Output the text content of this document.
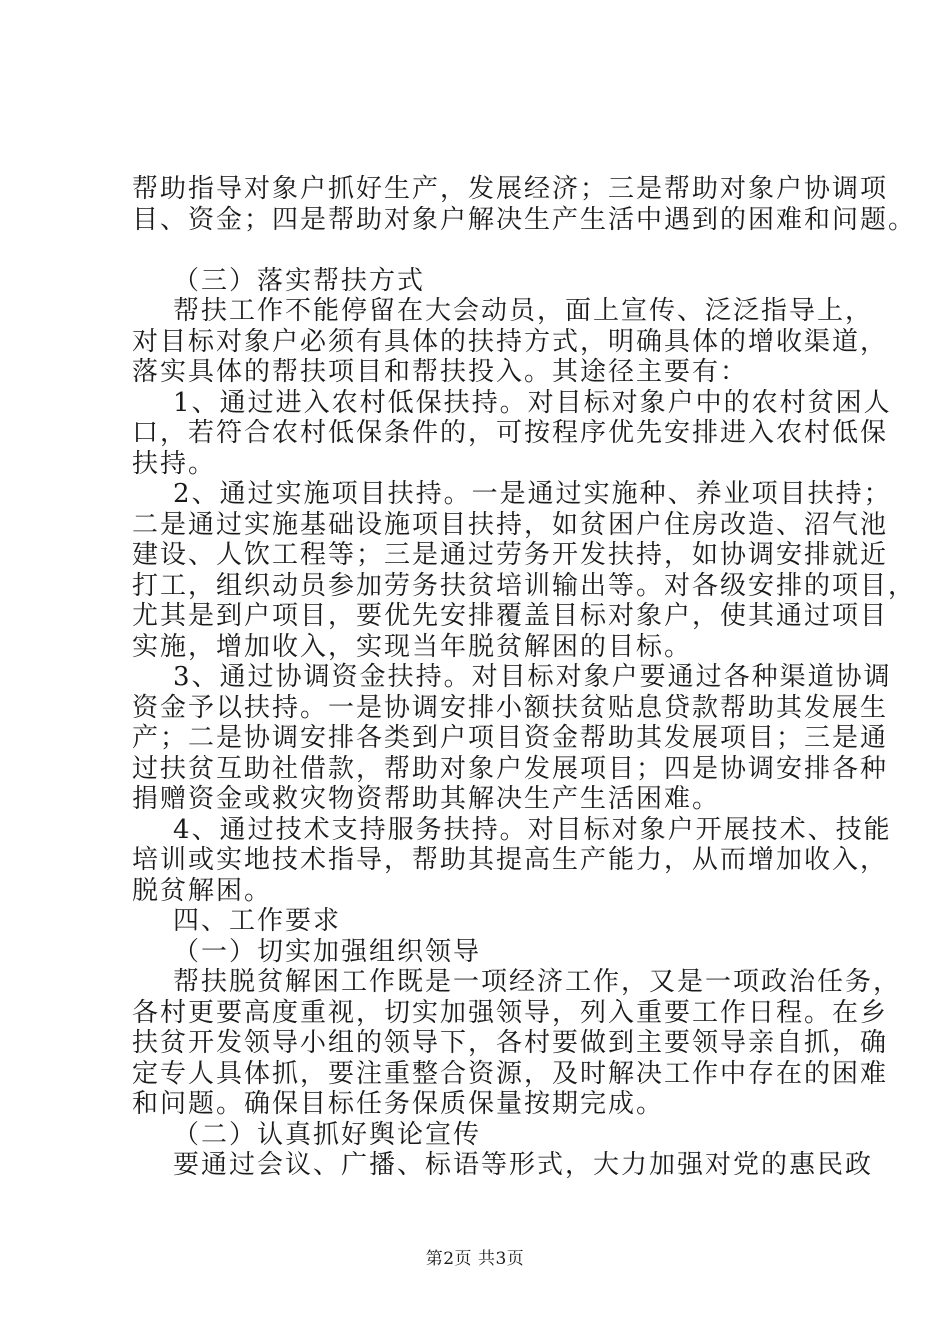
帮助指导对象户抓好生产，发展经济；三是帮助对象户协调项
目、资金；四是帮助对象户解决生产生活中遇到的困难和问题。
（三）落实帮扶方式
帮扶工作不能停留在大会动员，面上宣传、泛泛指导上，
对目标对象户必须有具体的扶持方式，明确具体的增收渠道，
落实具体的帮扶项目和帮扶投入。其途径主要有：
1、通过进入农村低保扶持。对目标对象户中的农村贫困人
口，若符合农村低保条件的，可按程序优先安排进入农村低保
扶持。
2、通过实施项目扶持。一是通过实施种、养业项目扶持；
二是通过实施基础设施项目扶持，如贫困户住房改造、沼气池
建设、人饮工程等；三是通过劳务开发扶持，如协调安排就近
打工，组织动员参加劳务扶贫培训输出等。对各级安排的项目，
尤其是到户项目，要优先安排覆盖目标对象户，使其通过项目
实施，增加收入，实现当年脱贫解困的目标。
3、通过协调资金扶持。对目标对象户要通过各种渠道协调
资金予以扶持。一是协调安排小额扶贫贴息贷款帮助其发展生
产；二是协调安排各类到户项目资金帮助其发展项目；三是通
过扶贫互助社借款，帮助对象户发展项目；四是协调安排各种
捐赠资金或救灾物资帮助其解决生产生活困难。
4、通过技术支持服务扶持。对目标对象户开展技术、技能
培训或实地技术指导，帮助其提高生产能力，从而增加收入，
脱贫解困。
四、工作要求
（一）切实加强组织领导
帮扶脱贫解困工作既是一项经济工作，又是一项政治任务，
各村更要高度重视，切实加强领导，列入重要工作日程。在乡
扶贫开发领导小组的领导下，各村要做到主要领导亲自抓，确
定专人具体抓，要注重整合资源，及时解决工作中存在的困难
和问题。确保目标任务保质保量按期完成。
（二）认真抓好舆论宣传
要通过会议、广播、标语等形式，大力加强对党的惠民政
第2页 共3页
